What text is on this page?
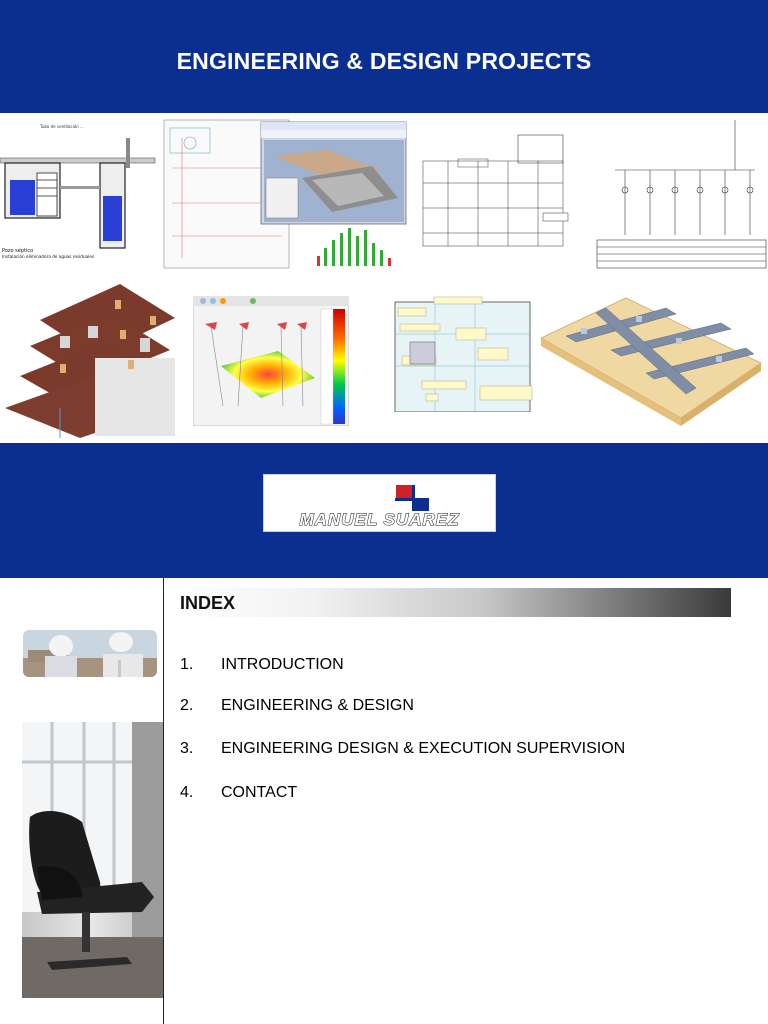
ENGINEERING & DESIGN PROJECTS
Tubo de ventilación ...
Pozo séptico
Instalación eliminadora de aguas residuales
MANUEL SUAREZ
INDEX
1. INTRODUCTION
2. ENGINEERING & DESIGN
3. ENGINEERING DESIGN & EXECUTION SUPERVISION
4. CONTACT
